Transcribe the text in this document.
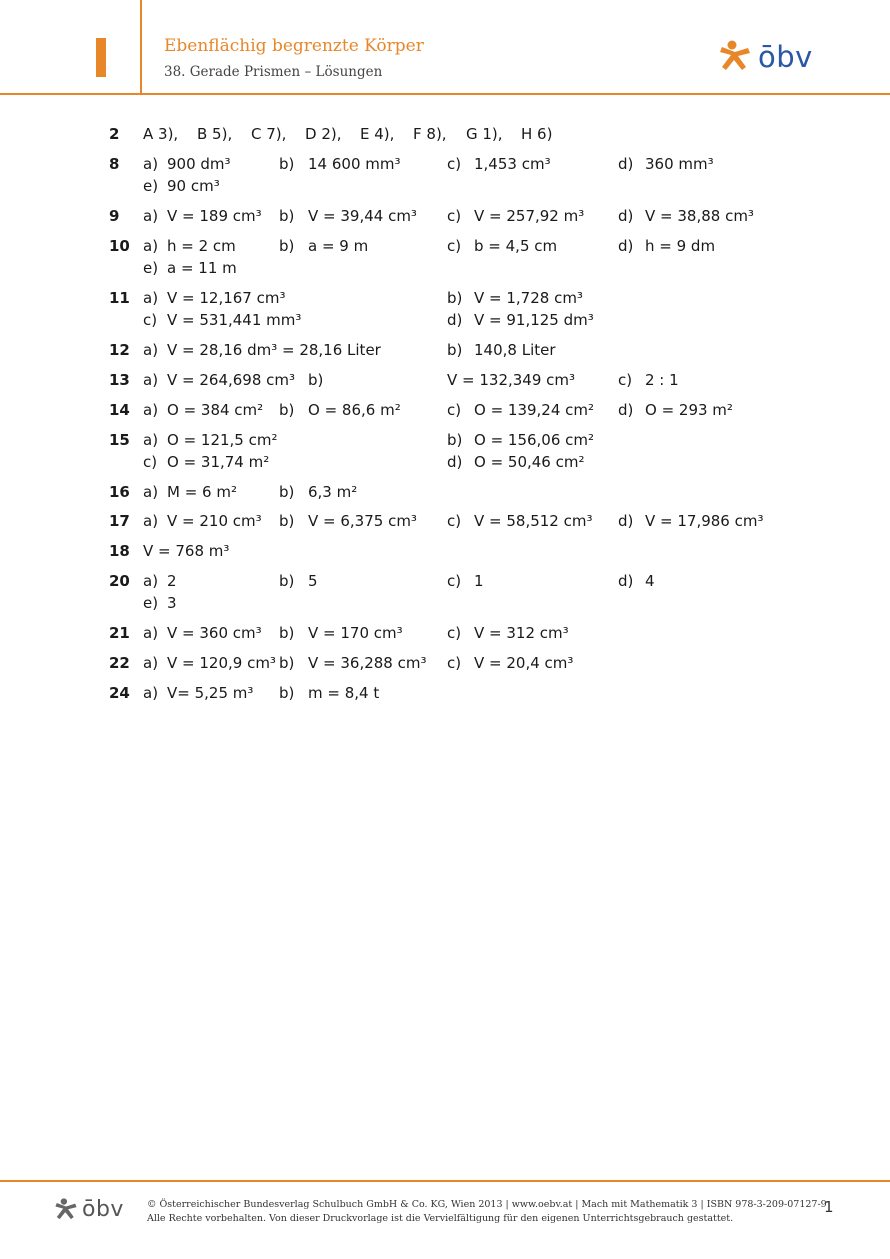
Ebenflächig begrenzte Körper
38. Gerade Prismen – Lösungen	ōbv
2 A 3), B 5), C 7), D 2), E 4), F 8), G 1), H 6)
8 a) 900 dm³	b) 14 600 mm³	c) 1,453 cm³	d) 360 mm³
e) 90 cm³
9 a) V = 189 cm³ b) V = 39,44 cm³ c) V = 257,92 m³ d) V = 38,88 cm³
10 a) h = 2 cm	b) a = 9 m	c) b = 4,5 cm	d) h = 9 dm
e) a = 11 m
11 a) V = 12,167 cm³	b) V = 1,728 cm³
c) V = 531,441 mm³	d) V = 91,125 dm³
12 a) V = 28,16 dm³ = 28,16 Liter	b) 140,8 Liter
13 a) V = 264,698 cm³ b)	V = 132,349 cm³	c) 2 : 1
14 a) O = 384 cm² b) O = 86,6 m²	c) O = 139,24 cm² d) O = 293 m²
15 a) O = 121,5 cm²	b) O = 156,06 cm²
c) O = 31,74 m²	d) O = 50,46 cm²
16 a) M = 6 m²	b) 6,3 m²
17 a) V = 210 cm³ b) V = 6,375 cm³ c) V = 58,512 cm³ d) V = 17,986 cm³
18 V = 768 m³
20 a) 2	b) 5	c) 1	d) 4
e) 3
21 a) V = 360 cm³ b) V = 170 cm³	c) V = 312 cm³
22 a) V = 120,9 cm³ b) V = 36,288 cm³ c) V = 20,4 cm³
24 a) V= 5,25 m³ b) m = 8,4 t
ōbv © Österreichischer Bundesverlag Schulbuch GmbH & Co. KG, Wien 2013 | www.oebv.at | Mach mit Mathematik 3 | ISBN 978-3-209-07127-9
Alle Rechte vorbehalten. Von dieser Druckvorlage ist die Vervielfältigung für den eigenen Unterrichtsgebrauch gestattet.
1
